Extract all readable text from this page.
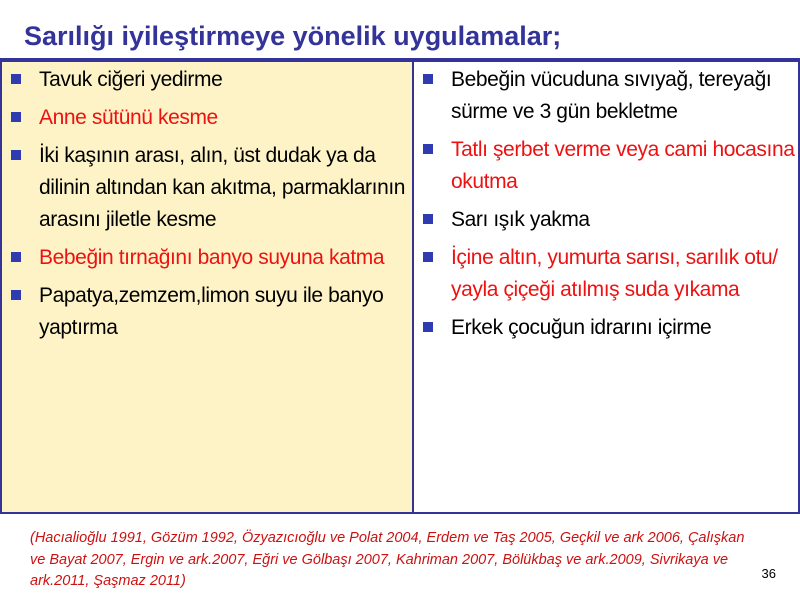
Sarılığı iyileştirmeye yönelik uygulamalar;
Tavuk ciğeri yedirme
Anne sütünü kesme
İki kaşının arası, alın, üst dudak ya da dilinin altından kan akıtma, parmaklarının arasını jiletle kesme
Bebeğin tırnağını banyo suyuna katma
Papatya,zemzem,limon suyu ile banyo yaptırma
Bebeğin vücuduna sıvıyağ, tereyağı sürme ve 3 gün bekletme
Tatlı şerbet verme veya cami hocasına okutma
Sarı ışık yakma
İçine altın, yumurta sarısı, sarılık otu/ yayla çiçeği atılmış suda yıkama
Erkek çocuğun idrarını içirme
(Hacıalioğlu 1991, Gözüm 1992, Özyazıcıoğlu ve Polat 2004, Erdem ve Taş 2005, Geçkil ve ark 2006, Çalışkan ve Bayat 2007, Ergin ve ark.2007, Eğri ve Gölbaşı 2007, Kahriman 2007, Bölükbaş ve ark.2009, Sivrikaya ve ark.2011, Şaşmaz 2011)	36
